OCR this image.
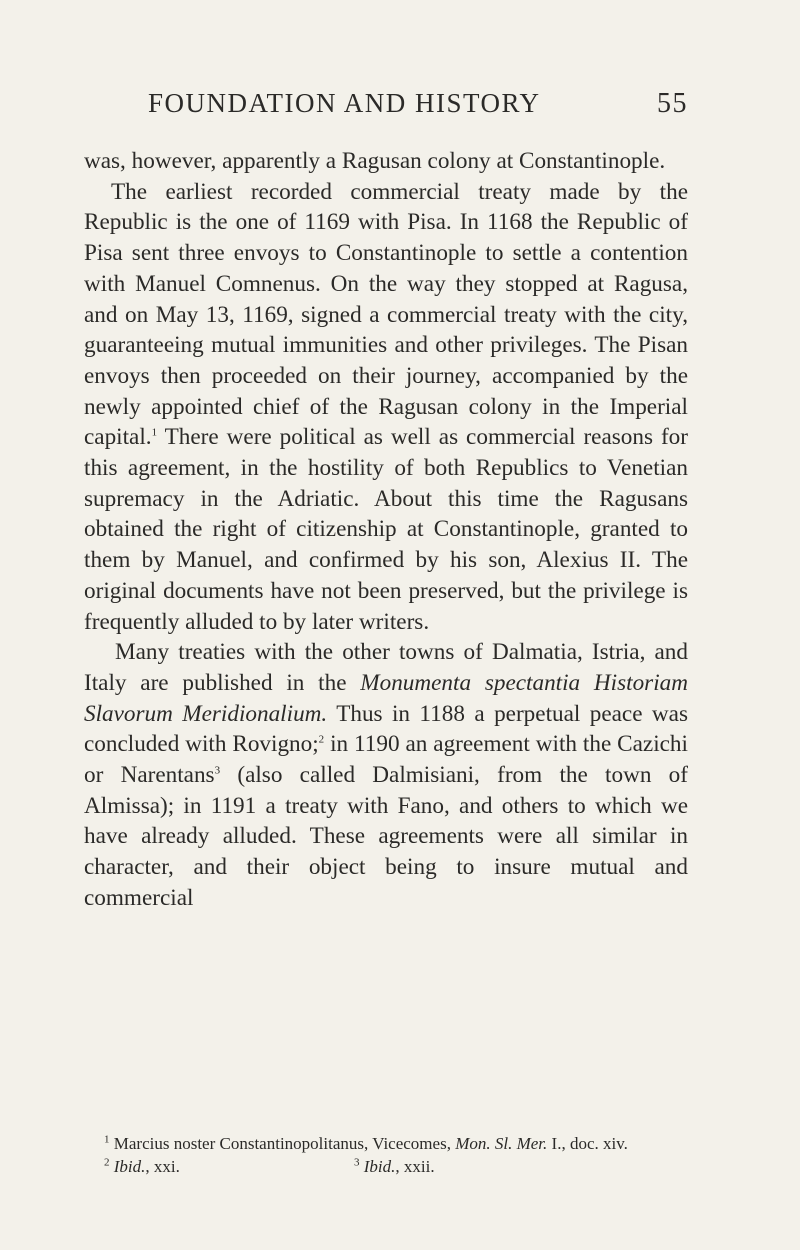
FOUNDATION AND HISTORY	55

was, however, apparently a Ragusan colony at Constantinople.

The earliest recorded commercial treaty made by the Republic is the one of 1169 with Pisa. In 1168 the Republic of Pisa sent three envoys to Constantinople to settle a contention with Manuel Comnenus. On the way they stopped at Ragusa, and on May 13, 1169, signed a commercial treaty with the city, guaranteeing mutual immunities and other privileges. The Pisan envoys then proceeded on their journey, accompanied by the newly appointed chief of the Ragusan colony in the Imperial capital.$^1$ There were political as well as commercial reasons for this agreement, in the hostility of both Republics to Venetian supremacy in the Adriatic. About this time the Ragusans obtained the right of citizenship at Constantinople, granted to them by Manuel, and confirmed by his son, Alexius II. The original documents have not been preserved, but the privilege is frequently alluded to by later writers.

Many treaties with the other towns of Dalmatia, Istria, and Italy are published in the Monumenta spectantia Historiam Slavorum Meridionalium. Thus in 1188 a perpetual peace was concluded with Rovigno;$^2$ in 1190 an agreement with the Cazichi or Narentans$^3$ (also called Dalmisiani, from the town of Almissa); in 1191 a treaty with Fano, and others to which we have already alluded. These agreements were all similar in character, and their object being to insure mutual and commercial

$^1$ Marcius noster Constantinopolitanus, Vicecomes, Mon. Sl. Mer. I., doc. xiv.

$^2$ Ibid., xxi.	$^3$ Ibid., xxii.
